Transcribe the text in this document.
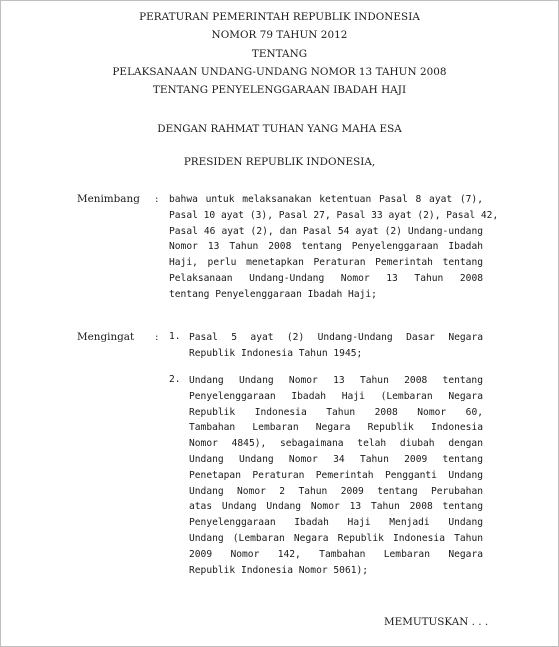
PERATURAN PEMERINTAH REPUBLIK INDONESIA
NOMOR 79 TAHUN 2012
TENTANG
PELAKSANAAN UNDANG-UNDANG NOMOR 13 TAHUN 2008
TENTANG PENYELENGGARAAN IBADAH HAJI
DENGAN RAHMAT TUHAN YANG MAHA ESA
PRESIDEN REPUBLIK INDONESIA,
Menimbang : bahwa untuk melaksanakan ketentuan Pasal 8 ayat (7),
Pasal 10 ayat (3), Pasal 27, Pasal 33 ayat (2), Pasal 42,
Pasal 46 ayat (2), dan Pasal 54 ayat (2) Undang-undang
Nomor 13 Tahun 2008 tentang Penyelenggaraan Ibadah
Haji, perlu menetapkan Peraturan Pemerintah tentang
Pelaksanaan Undang-Undang Nomor 13 Tahun 2008
tentang Penyelenggaraan Ibadah Haji;
Mengingat : 1. Pasal 5 ayat (2) Undang-Undang Dasar Negara
Republik Indonesia Tahun 1945;
2. Undang Undang Nomor 13 Tahun 2008 tentang
Penyelenggaraan Ibadah Haji (Lembaran Negara
Republik Indonesia Tahun 2008 Nomor 60,
Tambahan Lembaran Negara Republik Indonesia
Nomor 4845), sebagaimana telah diubah dengan
Undang Undang Nomor 34 Tahun 2009 tentang
Penetapan Peraturan Pemerintah Pengganti Undang
Undang Nomor 2 Tahun 2009 tentang Perubahan
atas Undang Undang Nomor 13 Tahun 2008 tentang
Penyelenggaraan Ibadah Haji Menjadi Undang
Undang (Lembaran Negara Republik Indonesia Tahun
2009 Nomor 142, Tambahan Lembaran Negara
Republik Indonesia Nomor 5061);
MEMUTUSKAN . . .
